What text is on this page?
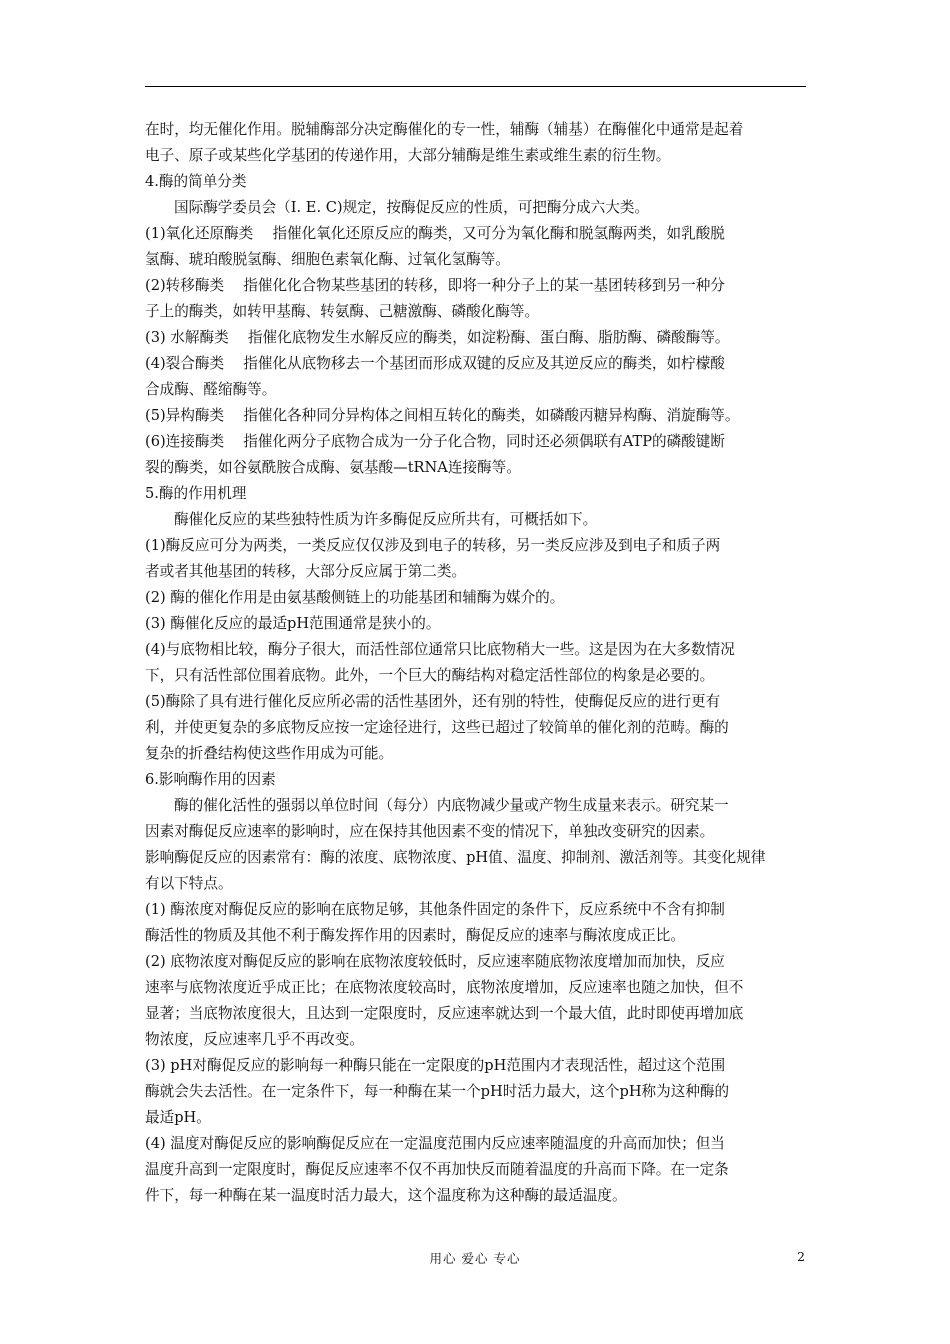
在时，均无催化作用。脱辅酶部分决定酶催化的专一性，辅酶（辅基）在酶催化中通常是起着
电子、原子或某些化学基团的传递作用，大部分辅酶是维生素或维生素的衍生物。
4.酶的简单分类
国际酶学委员会（I. E. C)规定，按酶促反应的性质，可把酶分成六大类。
(1)氧化还原酶类　 指催化氧化还原反应的酶类，又可分为氧化酶和脱氢酶两类，如乳酸脱
氢酶、琥珀酸脱氢酶、细胞色素氧化酶、过氧化氢酶等。
(2)转移酶类　 指催化化合物某些基团的转移，即将一种分子上的某一基团转移到另一种分
子上的酶类，如转甲基酶、转氨酶、己糖激酶、磷酸化酶等。
(3) 水解酶类　 指催化底物发生水解反应的酶类，如淀粉酶、蛋白酶、脂肪酶、磷酸酶等。
(4)裂合酶类　 指催化从底物移去一个基团而形成双键的反应及其逆反应的酶类，如柠檬酸
合成酶、醛缩酶等。
(5)异构酶类　 指催化各种同分异构体之间相互转化的酶类，如磷酸丙糖异构酶、消旋酶等。
(6)连接酶类　 指催化两分子底物合成为一分子化合物，同时还必须偶联有ATP的磷酸键断
裂的酶类，如谷氨酰胺合成酶、氨基酸—tRNA连接酶等。
5.酶的作用机理
酶催化反应的某些独特性质为许多酶促反应所共有，可概括如下。
(1)酶反应可分为两类，一类反应仅仅涉及到电子的转移，另一类反应涉及到电子和质子两
者或者其他基团的转移，大部分反应属于第二类。
(2) 酶的催化作用是由氨基酸侧链上的功能基团和辅酶为媒介的。
(3) 酶催化反应的最适pH范围通常是狭小的。
(4)与底物相比较，酶分子很大，而活性部位通常只比底物稍大一些。这是因为在大多数情况
下，只有活性部位围着底物。此外，一个巨大的酶结构对稳定活性部位的构象是必要的。
(5)酶除了具有进行催化反应所必需的活性基团外，还有别的特性，使酶促反应的进行更有
利，并使更复杂的多底物反应按一定途径进行，这些已超过了较简单的催化剂的范畴。酶的
复杂的折叠结构使这些作用成为可能。
6.影响酶作用的因素
酶的催化活性的强弱以单位时间（每分）内底物减少量或产物生成量来表示。研究某一
因素对酶促反应速率的影响时，应在保持其他因素不变的情况下，单独改变研究的因素。
影响酶促反应的因素常有：酶的浓度、底物浓度、pH值、温度、抑制剂、激活剂等。其变化规律
有以下特点。
(1) 酶浓度对酶促反应的影响在底物足够，其他条件固定的条件下，反应系统中不含有抑制
酶活性的物质及其他不利于酶发挥作用的因素时，酶促反应的速率与酶浓度成正比。
(2) 底物浓度对酶促反应的影响在底物浓度较低时，反应速率随底物浓度增加而加快，反应
速率与底物浓度近乎成正比；在底物浓度较高时，底物浓度增加，反应速率也随之加快，但不
显著；当底物浓度很大，且达到一定限度时，反应速率就达到一个最大值，此时即使再增加底
物浓度，反应速率几乎不再改变。
(3) pH对酶促反应的影响每一种酶只能在一定限度的pH范围内才表现活性，超过这个范围
酶就会失去活性。在一定条件下，每一种酶在某一个pH时活力最大，这个pH称为这种酶的
最适pH。
(4) 温度对酶促反应的影响酶促反应在一定温度范围内反应速率随温度的升高而加快；但当
温度升高到一定限度时，酶促反应速率不仅不再加快反而随着温度的升高而下降。在一定条
件下，每一种酶在某一温度时活力最大，这个温度称为这种酶的最适温度。
用心 爱心 专心	2
